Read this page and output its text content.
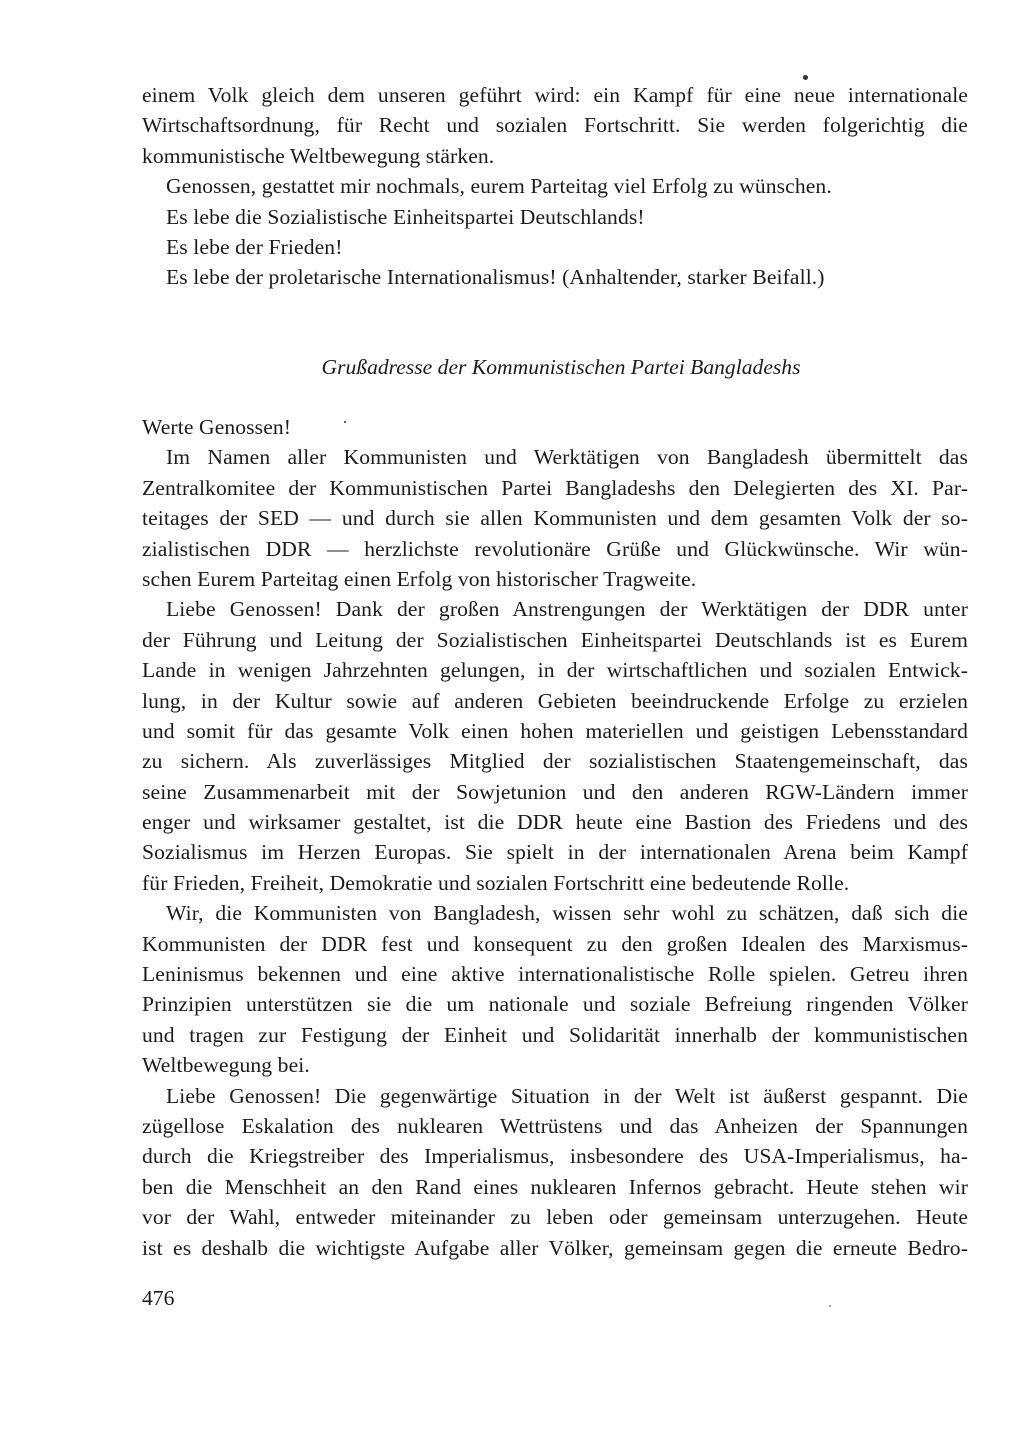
einem Volk gleich dem unseren geführt wird: ein Kampf für eine neue internationale
Wirtschaftsordnung, für Recht und sozialen Fortschritt. Sie werden folgerichtig die
kommunistische Weltbewegung stärken.
Genossen, gestattet mir nochmals, eurem Parteitag viel Erfolg zu wünschen.
Es lebe die Sozialistische Einheitspartei Deutschlands!
Es lebe der Frieden!
Es lebe der proletarische Internationalismus! (Anhaltender, starker Beifall.)
Grußadresse der Kommunistischen Partei Bangladeshs
Werte Genossen!
Im Namen aller Kommunisten und Werktätigen von Bangladesh übermittelt das
Zentralkomitee der Kommunistischen Partei Bangladeshs den Delegierten des XI. Par-
teitages der SED — und durch sie allen Kommunisten und dem gesamten Volk der so-
zialistischen DDR — herzlichste revolutionäre Grüße und Glückwünsche. Wir wün-
schen Eurem Parteitag einen Erfolg von historischer Tragweite.
Liebe Genossen! Dank der großen Anstrengungen der Werktätigen der DDR unter
der Führung und Leitung der Sozialistischen Einheitspartei Deutschlands ist es Eurem
Lande in wenigen Jahrzehnten gelungen, in der wirtschaftlichen und sozialen Entwick-
lung, in der Kultur sowie auf anderen Gebieten beeindruckende Erfolge zu erzielen
und somit für das gesamte Volk einen hohen materiellen und geistigen Lebensstandard
zu sichern. Als zuverlässiges Mitglied der sozialistischen Staatengemeinschaft, das
seine Zusammenarbeit mit der Sowjetunion und den anderen RGW-Ländern immer
enger und wirksamer gestaltet, ist die DDR heute eine Bastion des Friedens und des
Sozialismus im Herzen Europas. Sie spielt in der internationalen Arena beim Kampf
für Frieden, Freiheit, Demokratie und sozialen Fortschritt eine bedeutende Rolle.
Wir, die Kommunisten von Bangladesh, wissen sehr wohl zu schätzen, daß sich die
Kommunisten der DDR fest und konsequent zu den großen Idealen des Marxismus-
Leninismus bekennen und eine aktive internationalistische Rolle spielen. Getreu ihren
Prinzipien unterstützen sie die um nationale und soziale Befreiung ringenden Völker
und tragen zur Festigung der Einheit und Solidarität innerhalb der kommunistischen
Weltbewegung bei.
Liebe Genossen! Die gegenwärtige Situation in der Welt ist äußerst gespannt. Die
zügellose Eskalation des nuklearen Wettrüstens und das Anheizen der Spannungen
durch die Kriegstreiber des Imperialismus, insbesondere des USA-Imperialismus, ha-
ben die Menschheit an den Rand eines nuklearen Infernos gebracht. Heute stehen wir
vor der Wahl, entweder miteinander zu leben oder gemeinsam unterzugehen. Heute
ist es deshalb die wichtigste Aufgabe aller Völker, gemeinsam gegen die erneute Bedro-
476
